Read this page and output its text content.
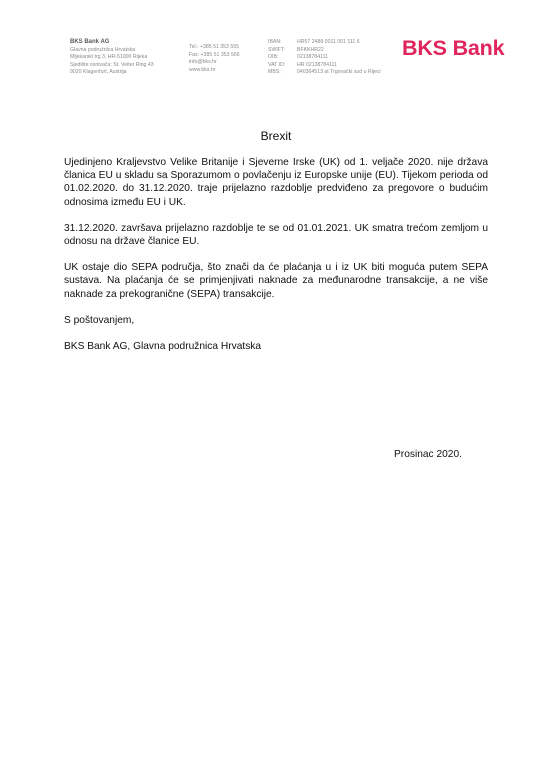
BKS Bank AG
Glavna podružnica Hrvatska
Mljekarski trg 3, HR-51000 Rijeka
Sjedište osnivača: St. Veiter Ring 43
9020 Klagenfurt, Austrija
Tel.: +385 51 353 555
Fax: +385 51 353 566
info@bks.hr
www.bks.hr
IBAN:
SWIFT:
OIB:
VAT ID:
MBS:
HR57 2488 0011 001 111 6
BFKKHR22
02138784111
HR 02138784111
040364513 at Trgovački sud u Rijeci
BKS Bank
Brexit

Ujedinjeno Kraljevstvo Velike Britanije i Sjeverne Irske (UK) od 1. veljače 2020. nije država članica EU u skladu sa Sporazumom o povlačenju iz Europske unije (EU). Tijekom perioda od 01.02.2020. do 31.12.2020. traje prijelazno razdoblje predviđeno za pregovore o budućim odnosima između EU i UK.

31.12.2020. završava prijelazno razdoblje te se od 01.01.2021. UK smatra trećom zemljom u odnosu na države članice EU.

UK ostaje dio SEPA područja, što znači da će plaćanja u i iz UK biti moguća putem SEPA sustava. Na plaćanja će se primjenjivati naknade za međunarodne transakcije, a ne više naknade za prekograničnе (SEPA) transakcije.

S poštovanjem,

BKS Bank AG, Glavna podružnica Hrvatska

Prosinac 2020.
